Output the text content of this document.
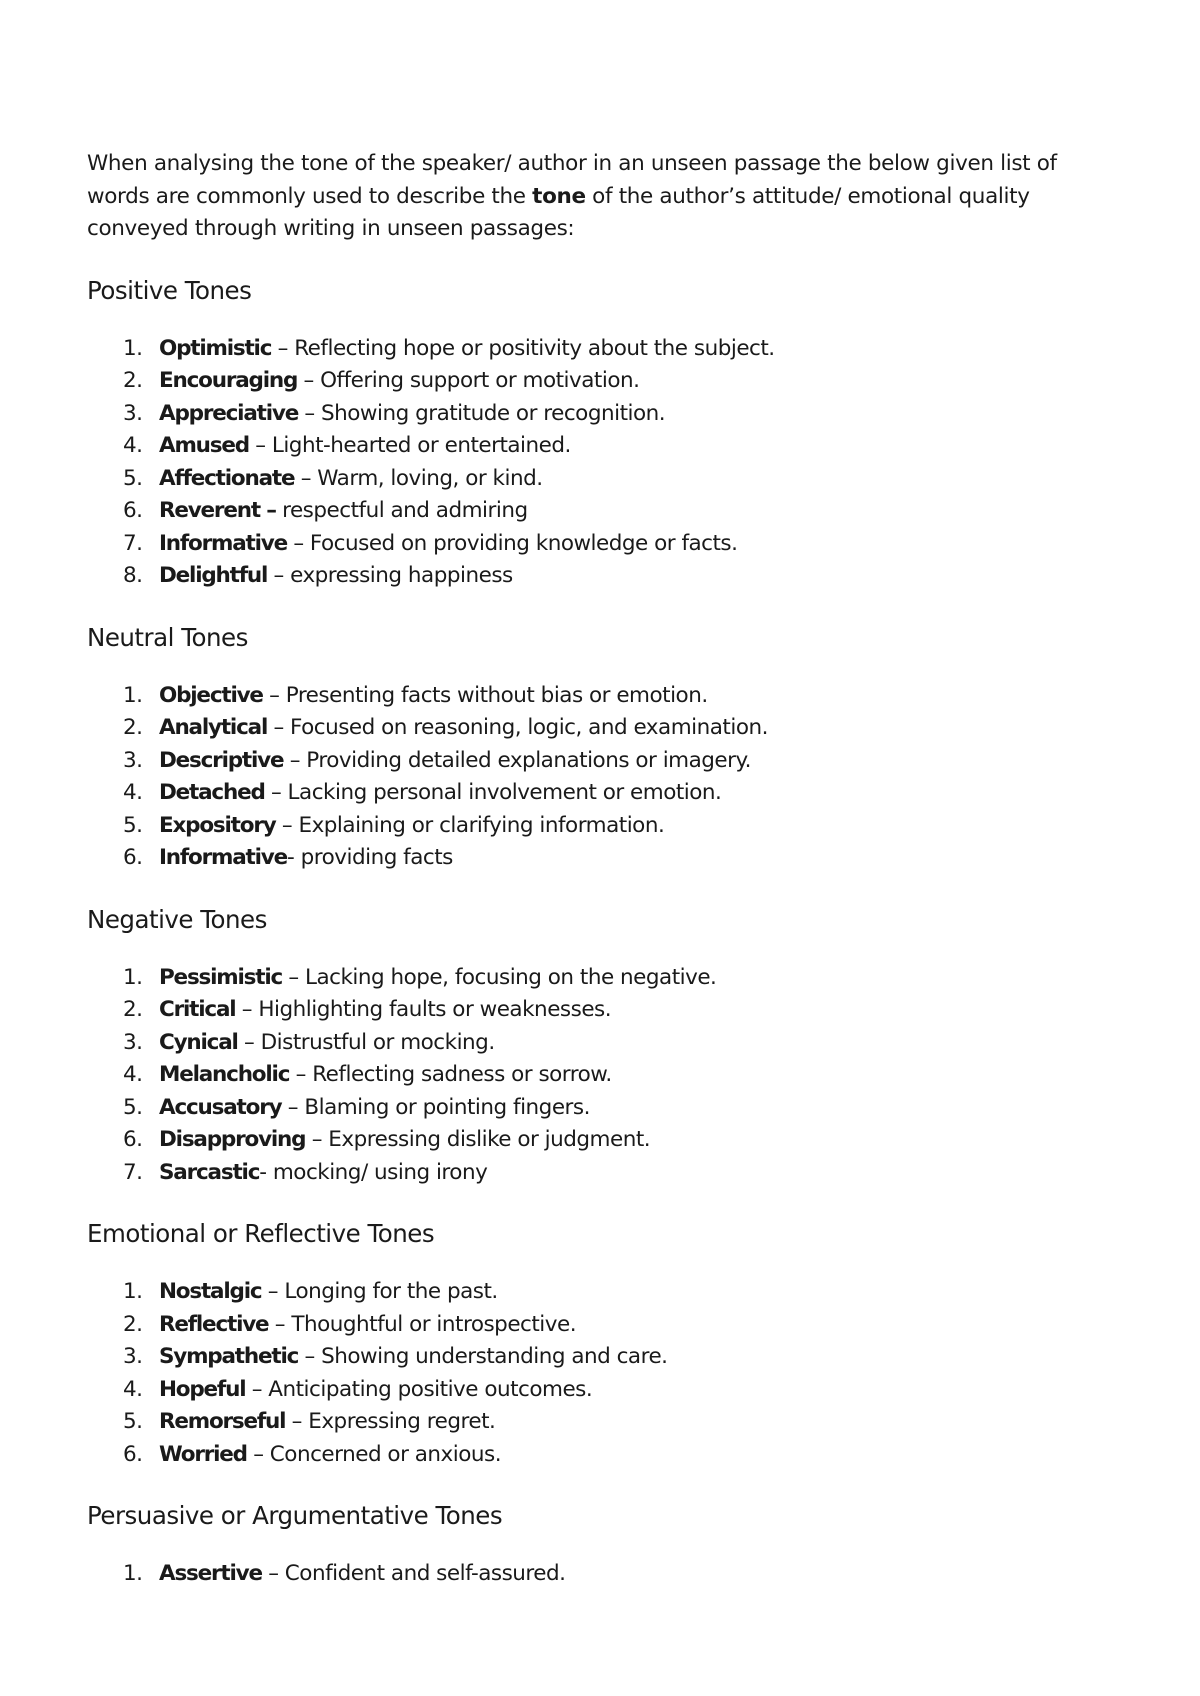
When analysing the tone of the speaker/ author in an unseen passage the below given list of words are commonly used to describe the tone of the author’s attitude/ emotional quality conveyed through writing in unseen passages:

Positive Tones
1. Optimistic – Reflecting hope or positivity about the subject.
2. Encouraging – Offering support or motivation.
3. Appreciative – Showing gratitude or recognition.
4. Amused – Light-hearted or entertained.
5. Affectionate – Warm, loving, or kind.
6. Reverent – respectful and admiring
7. Informative – Focused on providing knowledge or facts.
8. Delightful – expressing happiness
Neutral Tones
1. Objective – Presenting facts without bias or emotion.
2. Analytical – Focused on reasoning, logic, and examination.
3. Descriptive – Providing detailed explanations or imagery.
4. Detached – Lacking personal involvement or emotion.
5. Expository – Explaining or clarifying information.
6. Informative- providing facts
Negative Tones
1. Pessimistic – Lacking hope, focusing on the negative.
2. Critical – Highlighting faults or weaknesses.
3. Cynical – Distrustful or mocking.
4. Melancholic – Reflecting sadness or sorrow.
5. Accusatory – Blaming or pointing fingers.
6. Disapproving – Expressing dislike or judgment.
7. Sarcastic- mocking/ using irony
Emotional or Reflective Tones
1. Nostalgic – Longing for the past.
2. Reflective – Thoughtful or introspective.
3. Sympathetic – Showing understanding and care.
4. Hopeful – Anticipating positive outcomes.
5. Remorseful – Expressing regret.
6. Worried – Concerned or anxious.
Persuasive or Argumentative Tones
1. Assertive – Confident and self-assured.
